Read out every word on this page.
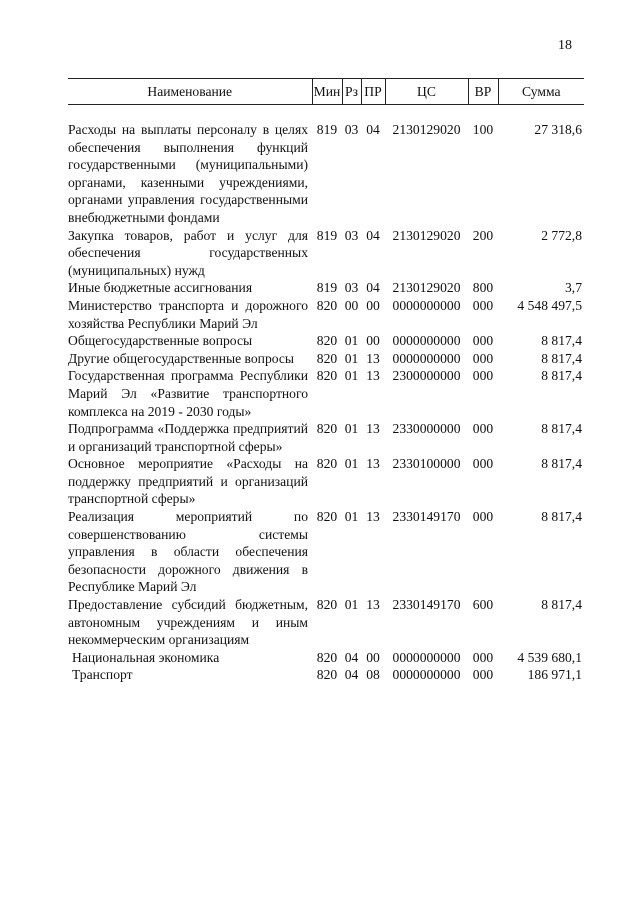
18
Наименование	Мин	Рз	ПР	ЦС	ВР	Сумма

Расходы на выплаты персоналу в целях обеспечения выполнения функций государственными (муниципальными) органами, казенными учреждениями, органами управления государственными внебюджетными фондами	819	03	04	2130129020	100	27 318,6
Закупка товаров, работ и услуг для обеспечения государственных (муниципальных) нужд	819	03	04	2130129020	200	2 772,8
Иные бюджетные ассигнования	819	03	04	2130129020	800	3,7
Министерство транспорта и дорожного хозяйства Республики Марий Эл	820	00	00	0000000000	000	4 548 497,5
Общегосударственные вопросы	820	01	00	0000000000	000	8 817,4
Другие общегосударственные вопросы	820	01	13	0000000000	000	8 817,4
Государственная программа Республики Марий Эл «Развитие транспортного комплекса на 2019 - 2030 годы»	820	01	13	2300000000	000	8 817,4
Подпрограмма «Поддержка предприятий и организаций транспортной сферы»	820	01	13	2330000000	000	8 817,4
Основное мероприятие «Расходы на поддержку предприятий и организаций транспортной сферы»	820	01	13	2330100000	000	8 817,4
Реализация мероприятий по совершенствованию системы управления в области обеспечения безопасности дорожного движения в Республике Марий Эл	820	01	13	2330149170	000	8 817,4
Предоставление субсидий бюджетным, автономным учреждениям и иным некоммерческим организациям	820	01	13	2330149170	600	8 817,4
Национальная экономика	820	04	00	0000000000	000	4 539 680,1
Транспорт	820	04	08	0000000000	000	186 971,1
